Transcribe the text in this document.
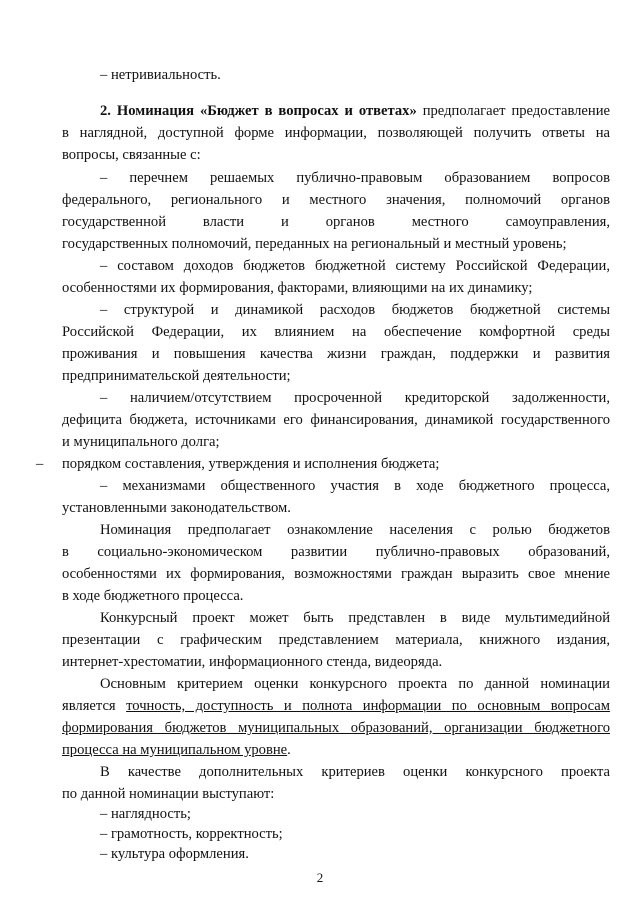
– нетривиальность.
2. Номинация «Бюджет в вопросах и ответах» предполагает предоставление
в наглядной, доступной форме информации, позволяющей получить ответы на
вопросы, связанные с:
– перечнем решаемых публично-правовым образованием вопросов
федерального, регионального и местного значения, полномочий органов
государственной власти и органов местного самоуправления,
государственных полномочий, переданных на региональный и местный уровень;
– составом доходов бюджетов бюджетной систему Российской Федерации,
особенностями их формирования, факторами, влияющими на их динамику;
– структурой и динамикой расходов бюджетов бюджетной системы
Российской Федерации, их влиянием на обеспечение комфортной среды
проживания и повышения качества жизни граждан, поддержки и развития
предпринимательской деятельности;
– наличием/отсутствием просроченной кредиторской задолженности,
дефицита бюджета, источниками его финансирования, динамикой государственного
и муниципального долга;
– порядком составления, утверждения и исполнения бюджета;
– механизмами общественного участия в ходе бюджетного процесса,
установленными законодательством.
Номинация предполагает ознакомление населения с ролью бюджетов
в социально-экономическом развитии публично-правовых образований,
особенностями их формирования, возможностями граждан выразить свое мнение
в ходе бюджетного процесса.
Конкурсный проект может быть представлен в виде мультимедийной
презентации с графическим представлением материала, книжного издания,
интернет-хрестоматии, информационного стенда, видеоряда.
Основным критерием оценки конкурсного проекта по данной номинации
является точность, доступность и полнота информации по основным вопросам
формирования бюджетов муниципальных образований, организации бюджетного
процесса на муниципальном уровне.
В качестве дополнительных критериев оценки конкурсного проекта
по данной номинации выступают:
– наглядность;
– грамотность, корректность;
– культура оформления.
2
